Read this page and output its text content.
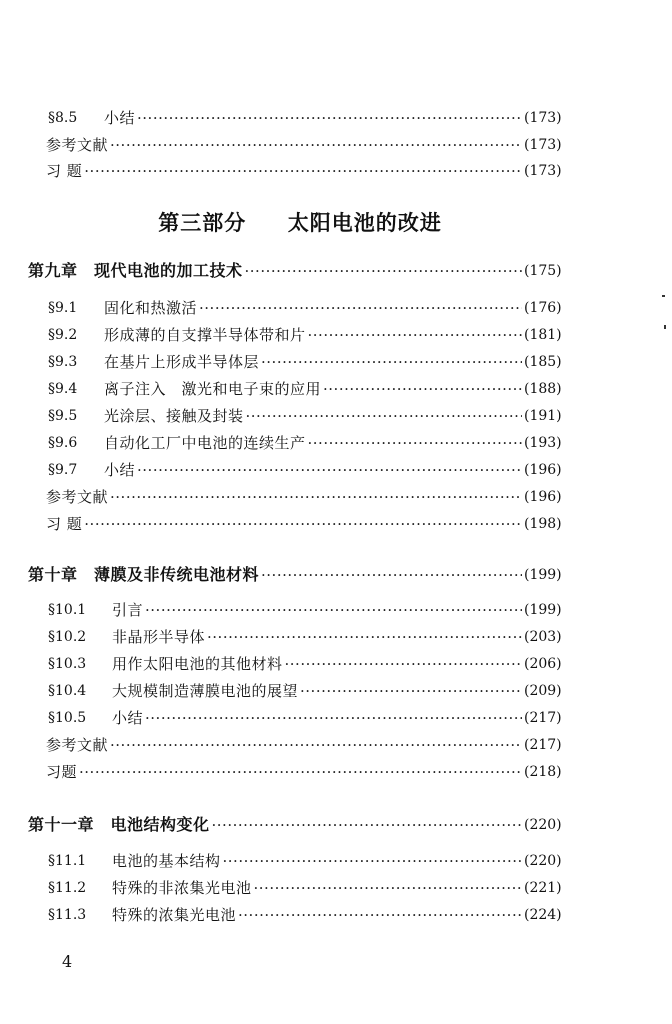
§8.5 小结 ·····	(173)
参考文献 ·····	(173)
习 题 ·····	(173)
第九章　现代电池的加工技术 ·····	(175)
§9.1 固化和热激活 ·····	(176)
§9.2 形成薄的自支撑半导体带和片 ·····	(181)
§9.3 在基片上形成半导体层 ·····	(185)
§9.4 离子注入　激光和电子束的应用 ·····	(188)
§9.5 光涂层、接触及封装 ·····	(191)
§9.6 自动化工厂中电池的连续生产 ·····	(193)
§9.7 小结 ·····	(196)
参考文献 ·····	(196)
习 题 ·····	(198)
第十章　薄膜及非传统电池材料 ·····	(199)
§10.1 引言 ·····	(199)
§10.2 非晶形半导体 ·····	(203)
§10.3 用作太阳电池的其他材料 ·····	(206)
§10.4 大规模制造薄膜电池的展望 ·····	(209)
§10.5 小结 ·····	(217)
参考文献 ·····	(217)
习题 ·····	(218)
第十一章　电池结构变化 ·····	(220)
§11.1 电池的基本结构 ·····	(220)
§11.2 特殊的非浓集光电池 ·····	(221)
§11.3 特殊的浓集光电池 ·····	(224)
第三部分 太阳电池的改进
4
